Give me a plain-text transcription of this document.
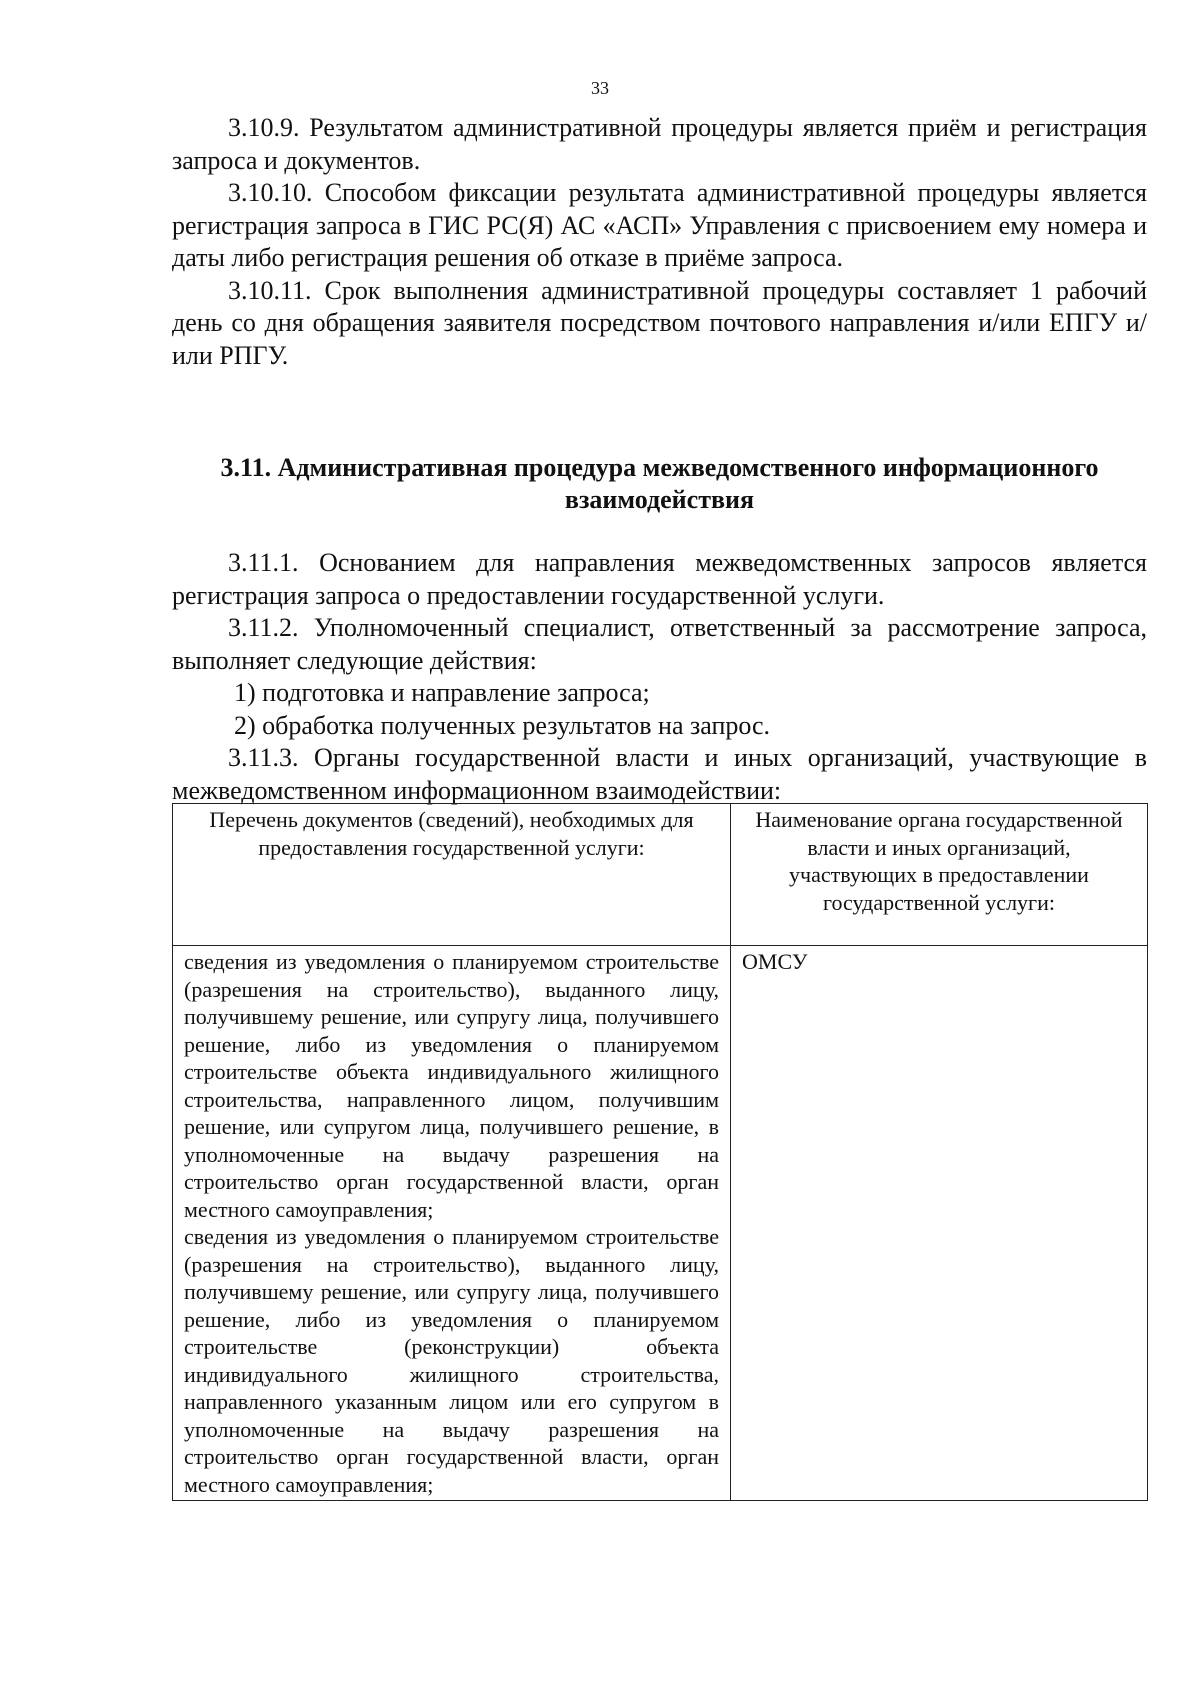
33

3.10.9. Результатом административной процедуры является приём и регистрация запроса и документов.

3.10.10. Способом фиксации результата административной процедуры является регистрация запроса в ГИС РС(Я) АС «АСП» Управления с присвоением ему номера и даты либо регистрация решения об отказе в приёме запроса.

3.10.11. Срок выполнения административной процедуры составляет 1 рабочий день со дня обращения заявителя посредством почтового направления и/или ЕПГУ и/или РПГУ.

3.11. Административная процедура межведомственного информационного
взаимодействия

3.11.1. Основанием для направления межведомственных запросов является регистрация запроса о предоставлении государственной услуги.

3.11.2. Уполномоченный специалист, ответственный за рассмотрение запроса, выполняет следующие действия:

1) подготовка и направление запроса;

2) обработка полученных результатов на запрос.

3.11.3. Органы государственной власти и иных организаций, участвующие в межведомственном информационном взаимодействии:

Перечень документов (сведений), необходимых для предоставления государственной услуги:	Наименование органа государственной власти и иных организаций, участвующих в предоставлении государственной услуги:

сведения из уведомления о планируемом строительстве (разрешения на строительство), выданного лицу, получившему решение, или супругу лица, получившего решение, либо из уведомления о планируемом строительстве объекта индивидуального жилищного строительства, направленного лицом, получившим решение, или супругом лица, получившего решение, в уполномоченные на выдачу разрешения на строительство орган государственной власти, орган местного самоуправления;

сведения из уведомления о планируемом строительстве (разрешения на строительство), выданного лицу, получившему решение, или супругу лица, получившего решение, либо из уведомления о планируемом строительстве (реконструкции) объекта индивидуального жилищного строительства, направленного указанным лицом или его супругом в уполномоченные на выдачу разрешения на строительство орган государственной власти, орган местного самоуправления;	ОМСУ
